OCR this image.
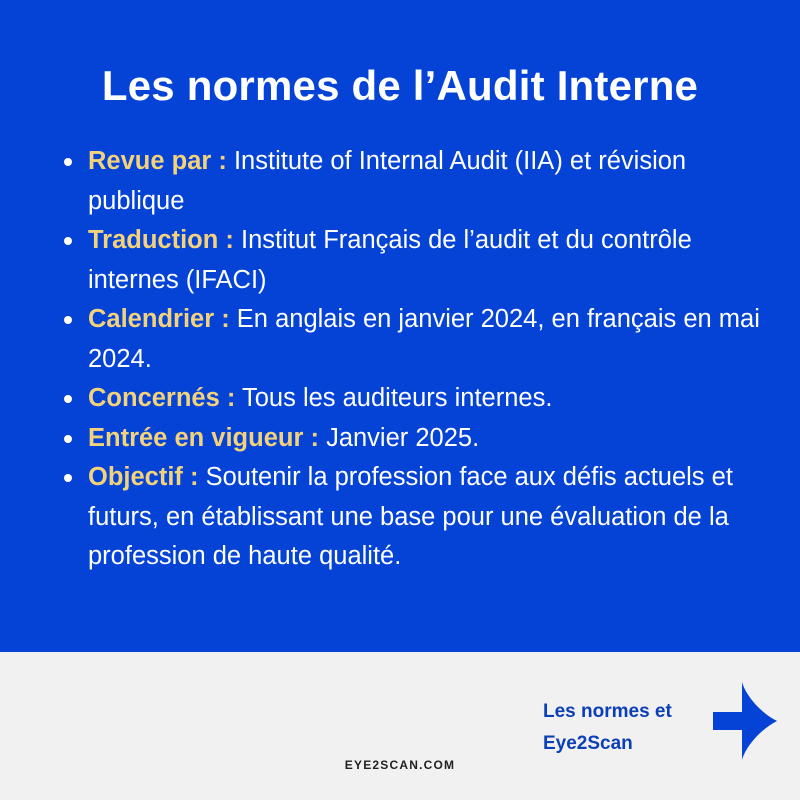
Les normes de l’Audit Interne
Revue par : Institute of Internal Audit (IIA) et révision publique
Traduction : Institut Français de l’audit et du contrôle internes (IFACI)
Calendrier : En anglais en janvier 2024, en français en mai 2024.
Concernés : Tous les auditeurs internes.
Entrée en vigueur : Janvier 2025.
Objectif : Soutenir la profession face aux défis actuels et futurs, en établissant une base pour une évaluation de la profession de haute qualité.
Les normes et
Eye2Scan
EYE2SCAN.COM
